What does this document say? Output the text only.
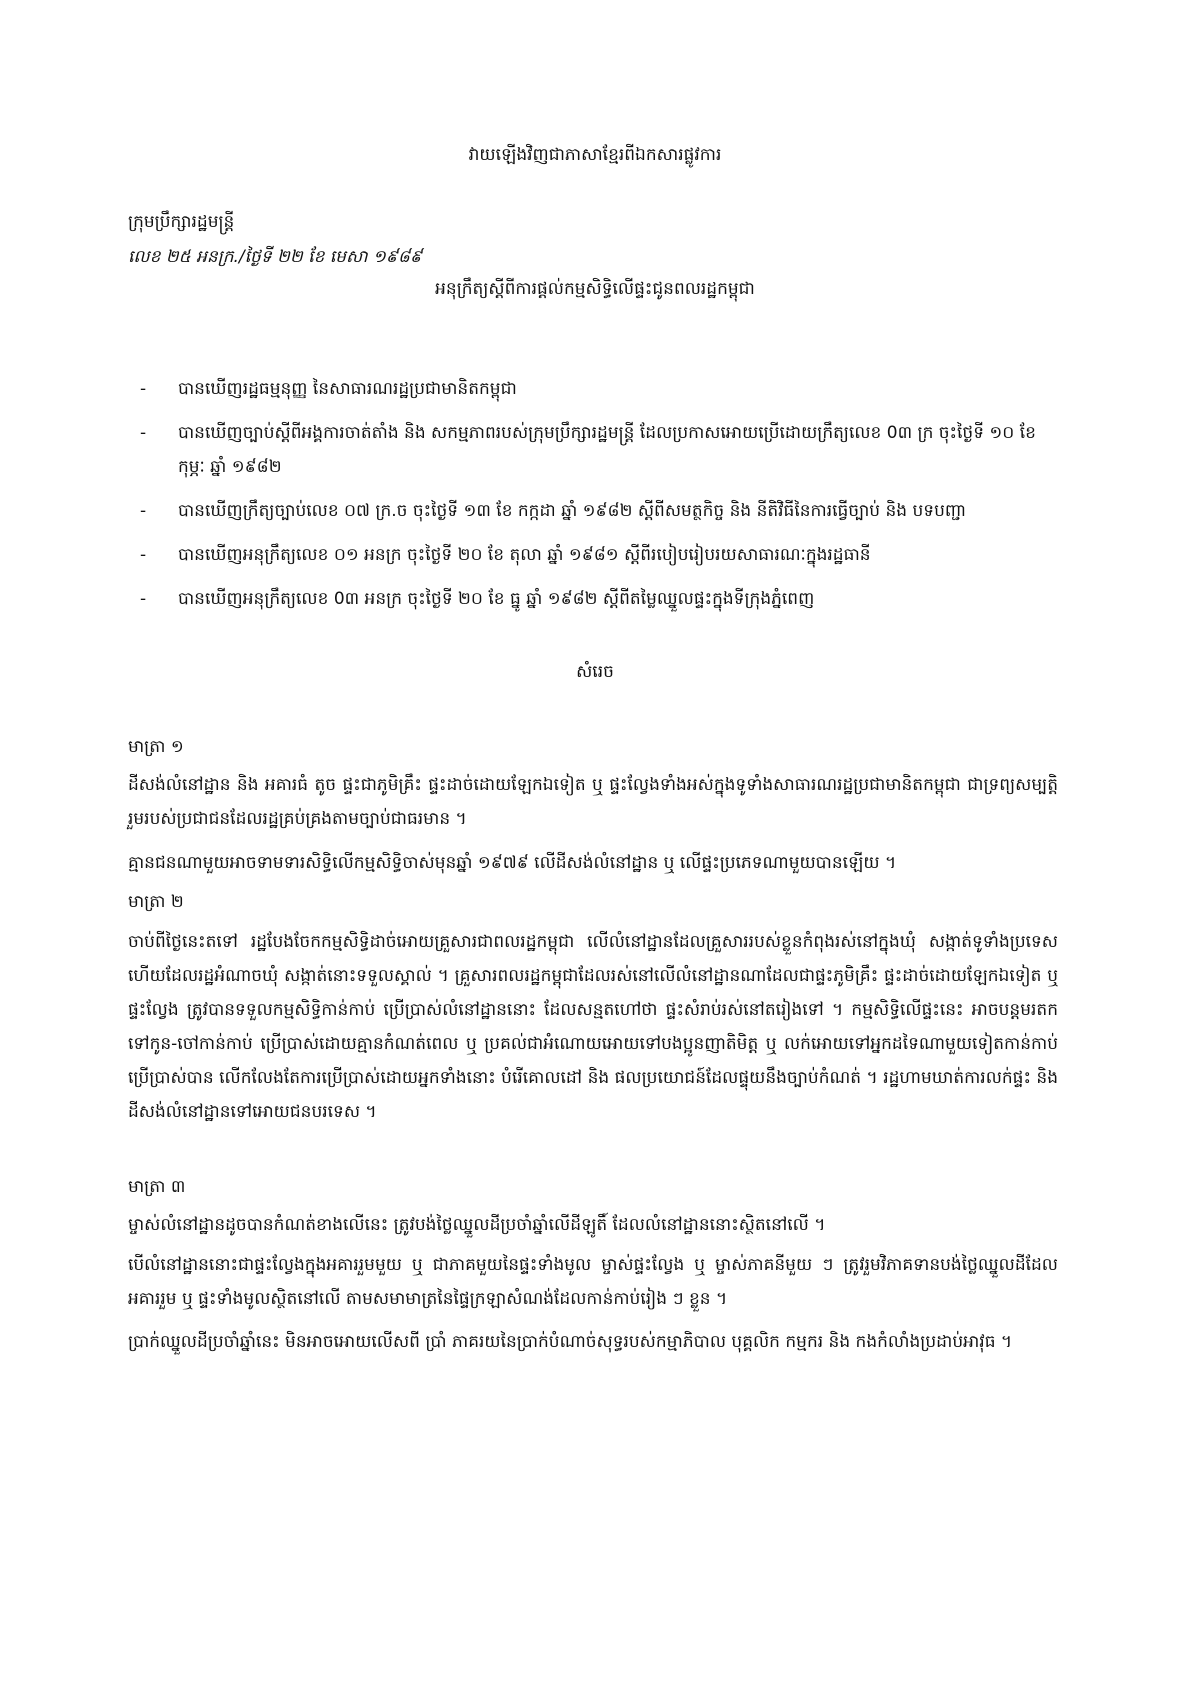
វាយឡើងវិញជាភាសាខ្មែរពីឯកសារផ្លូវការ
ក្រុមប្រឹក្សារដ្ឋមន្ត្រី
លេខ ២៥ អនក្រ./ថ្ងៃទី ២២ ខែ មេសា ១៩៨៩
អនុក្រឹត្យស្តីពីការផ្តល់កម្មសិទ្ធិលើផ្ទះជូនពលរដ្ឋកម្ពុជា
- បានឃើញរដ្ឋធម្មនុញ្ញ នៃសាធារណរដ្ឋប្រជាមានិតកម្ពុជា
- បានឃើញច្បាប់ស្តីពីអង្គការចាត់តាំង និង សកម្មភាពរបស់ក្រុមប្រឹក្សារដ្ឋមន្ត្រី ដែលប្រកាសអោយប្រើដោយក្រឹត្យលេខ 0៣ ក្រ ចុះថ្ងៃទី ១០ ខែ កុម្ភៈ ឆ្នាំ ១៩៨២
- បានឃើញក្រឹត្យច្បាប់លេខ ០៧ ក្រ.ច ចុះថ្ងៃទី ១៣ ខែ កក្កដា ឆ្នាំ ១៩៨២ ស្តីពីសមត្ថកិច្ច និង នីតិវិធីនៃការធ្វើច្បាប់ និង បទបញ្ជា
- បានឃើញអនុក្រឹត្យលេខ ០១ អនក្រ ចុះថ្ងៃទី ២០ ខែ តុលា ឆ្នាំ ១៩៨១ ស្តីពីរបៀបរៀបរយសាធារណៈក្នុងរដ្ឋធានី
- បានឃើញអនុក្រឹត្យលេខ 0៣ អនក្រ ចុះថ្ងៃទី ២០ ខែ ធ្នូ ឆ្នាំ ១៩៨២ ស្តីពីតម្លៃឈ្នួលផ្ទះក្នុងទីក្រុងភ្នំពេញ
សំរេច
មាត្រា ១
ដីសង់លំនៅដ្ឋាន និង អគារធំ តូច ផ្ទះជាភូមិគ្រឹះ ផ្ទះដាច់ដោយឡែកឯទៀត ឬ ផ្ទះល្វែងទាំងអស់ក្នុងទូទាំងសាធារណរដ្ឋប្រជាមានិតកម្ពុជា ជាទ្រព្យសម្បត្តិរួមរបស់ប្រជាជនដែលរដ្ឋគ្រប់គ្រងតាមច្បាប់ជាធរមាន ។
គ្មានជនណាមួយអាចទាមទារសិទ្ធិលើកម្មសិទ្ធិចាស់មុនឆ្នាំ ១៩៧៩ លើដីសង់លំនៅដ្ឋាន ឬ លើផ្ទះប្រភេទណាមួយបានឡើយ ។
មាត្រា ២
ចាប់ពីថ្ងៃនេះតទៅ រដ្ឋបែងចែកកម្មសិទ្ធិដាច់អោយគ្រួសារជាពលរដ្ឋកម្ពុជា លើលំនៅដ្ឋានដែលគ្រួសាររបស់ខ្លួនកំពុងរស់នៅក្នុងឃុំ សង្កាត់ទូទាំងប្រទេស ហើយដែលរដ្ឋអំណាចឃុំ សង្កាត់នោះទទួលស្គាល់ ។ គ្រួសារពលរដ្ឋកម្ពុជាដែលរស់នៅលើលំនៅដ្ឋានណាដែលជាផ្ទះភូមិគ្រឹះ ផ្ទះដាច់ដោយឡែកឯទៀត ឬ ផ្ទះល្វែង ត្រូវបានទទួលកម្មសិទ្ធិកាន់កាប់ ប្រើប្រាស់លំនៅដ្ឋាននោះ ដែលសន្មតហៅថា ផ្ទះសំរាប់រស់នៅតរៀងទៅ ។ កម្មសិទ្ធិលើផ្ទះនេះ អាចបន្តមរតកទៅកូន-ចៅកាន់កាប់ ប្រើប្រាស់ដោយគ្មានកំណត់ពេល ឬ ប្រគល់ជាអំណោយអោយទៅបងប្អូនញាតិមិត្ត ឬ លក់អោយទៅអ្នកដទៃណាមួយទៀតកាន់កាប់ ប្រើប្រាស់បាន លើកលែងតែការប្រើប្រាស់ដោយអ្នកទាំងនោះ បំរើគោលដៅ និង ផលប្រយោជន៍ដែលផ្ទុយនឹងច្បាប់កំណត់ ។ រដ្ឋហាមឃាត់ការលក់ផ្ទះ និង ដីសង់លំនៅដ្ឋានទៅអោយជនបរទេស ។
មាត្រា ៣
ម្ចាស់លំនៅដ្ឋានដូចបានកំណត់ខាងលើនេះ ត្រូវបង់ថ្លៃឈ្នួលដីប្រចាំឆ្នាំលើដីឡូតិ៍ ដែលលំនៅដ្ឋាននោះស្ថិតនៅលើ ។
បើលំនៅដ្ឋាននោះជាផ្ទះល្វែងក្នុងអគាររួមមួយ ឬ ជាភាគមួយនៃផ្ទះទាំងមូល ម្ចាស់ផ្ទះល្វែង ឬ ម្ចាស់ភាគនីមួយ ៗ ត្រូវរួមវិភាគទានបង់ថ្លៃឈ្នួលដីដែលអគាររួម ឬ ផ្ទះទាំងមូលស្ថិតនៅលើ តាមសមាមាត្រនៃផ្ទៃក្រឡាសំណង់ដែលកាន់កាប់រៀង ៗ ខ្លួន ។
ប្រាក់ឈ្នួលដីប្រចាំឆ្នាំនេះ មិនអាចអោយលើសពី ប្រាំ ភាគរយនៃប្រាក់បំណាច់សុទ្ធរបស់កម្មាភិបាល បុគ្គលិក កម្មករ និង កងកំលាំងប្រដាប់អាវុធ ។
